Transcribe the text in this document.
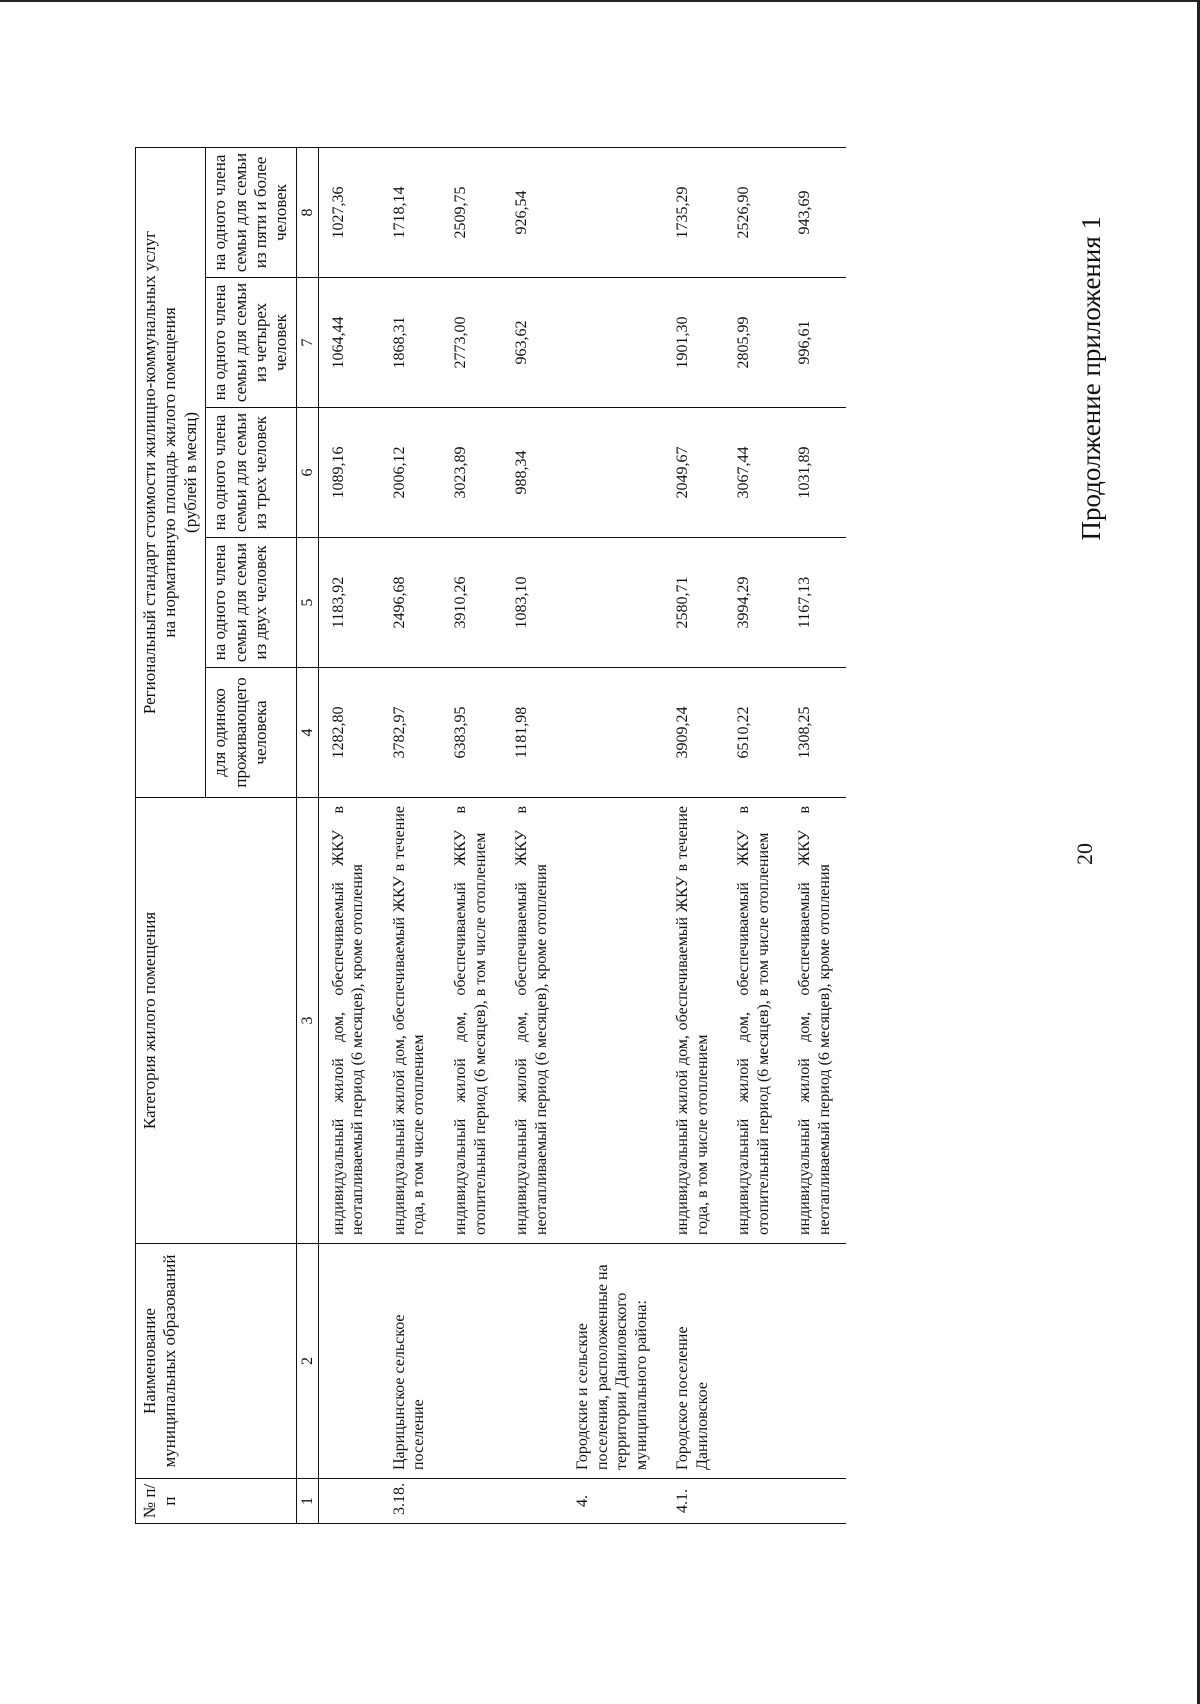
20
Продолжение приложения 1
№ п/п	Наименование муниципальных образований	Категория жилого помещения	Региональный стандарт стоимости жилищно-коммунальных услуг на нормативную площадь жилого помещения (рублей в месяц)				

			для одиноко проживающего человека	на одного члена семьи для семьи из двух человек	на одного члена семьи для семьи из трех человек	на одного члена семьи для семьи из четырех человек	на одного члена семьи для семьи из пяти и более человек
1	2	3	4	5	6	7	8
		индивидуальный жилой дом, обеспечиваемый ЖКУ в неотапливаемый период (6 месяцев), кроме отопления	1282,80	1183,92	1089,16	1064,44	1027,36
3.18.	Царицынское сельское поселение	индивидуальный жилой дом, обеспечиваемый ЖКУ в течение года, в том числе отоплением	3782,97	2496,68	2006,12	1868,31	1718,14
		индивидуальный жилой дом, обеспечиваемый ЖКУ в отопительный период (6 месяцев), в том числе отоплением	6383,95	3910,26	3023,89	2773,00	2509,75
		индивидуальный жилой дом, обеспечиваемый ЖКУ в неотапливаемый период (6 месяцев), кроме отопления	1181,98	1083,10	988,34	963,62	926,54
4.	Городские и сельские поселения, расположенные на территории Даниловского муниципального района:						
4.1.	Городское поселение Даниловское	индивидуальный жилой дом, обеспечиваемый ЖКУ в течение года, в том числе отоплением	3909,24	2580,71	2049,67	1901,30	1735,29
		индивидуальный жилой дом, обеспечиваемый ЖКУ в отопительный период (6 месяцев), в том числе отоплением	6510,22	3994,29	3067,44	2805,99	2526,90
		индивидуальный жилой дом, обеспечиваемый ЖКУ в неотапливаемый период (6 месяцев), кроме отопления	1308,25	1167,13	1031,89	996,61	943,69
